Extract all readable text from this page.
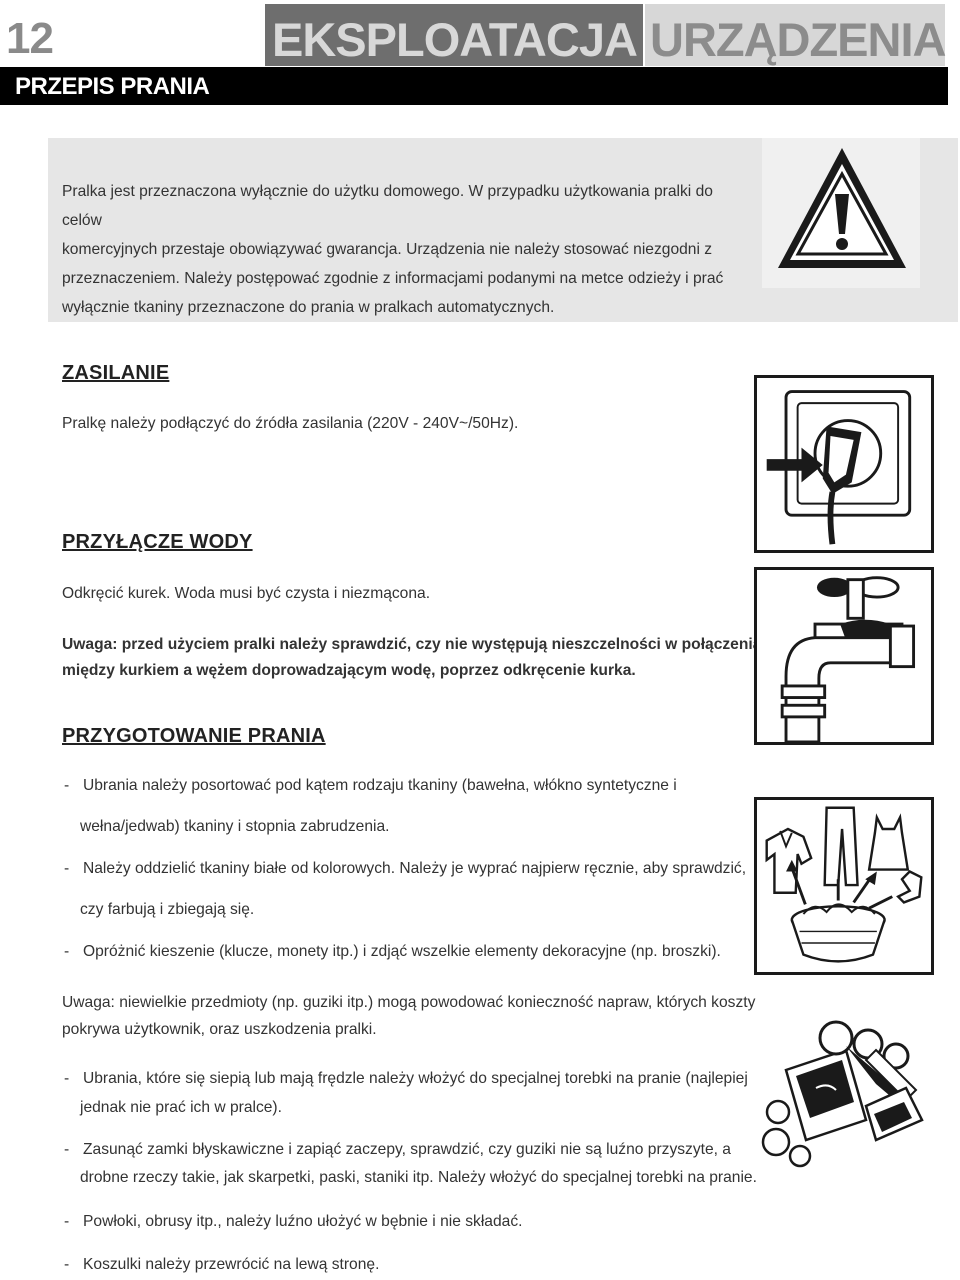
12	EKSPLOATACJA URZĄDZENIA
PRZEPIS PRANIA
Pralka jest przeznaczona wyłącznie do użytku domowego. W przypadku użytkowania pralki do celów
komercyjnych przestaje obowiązywać gwarancja. Urządzenia nie należy stosować niezgodni z
przeznaczeniem. Należy postępować zgodnie z informacjami podanymi na metce odzieży i prać
wyłącznie tkaniny przeznaczone do prania w pralkach automatycznych.
ZASILANIE
Pralkę należy podłączyć do źródła zasilania (220V - 240V~/50Hz).
PRZYŁĄCZE WODY
Odkręcić kurek. Woda musi być czysta i niezmącona.
Uwaga: przed użyciem pralki należy sprawdzić, czy nie występują nieszczelności w połączeniach
między kurkiem a wężem doprowadzającym wodę, poprzez odkręcenie kurka.
PRZYGOTOWANIE PRANIA
- Ubrania należy posortować pod kątem rodzaju tkaniny (bawełna, włókno syntetyczne i
wełna/jedwab) tkaniny i stopnia zabrudzenia.
- Należy oddzielić tkaniny białe od kolorowych. Należy je wyprać najpierw ręcznie, aby sprawdzić,
czy farbują i zbiegają się.
- Opróżnić kieszenie (klucze, monety itp.) i zdjąć wszelkie elementy dekoracyjne (np. broszki).
Uwaga: niewielkie przedmioty (np. guziki itp.) mogą powodować konieczność napraw, których koszty
pokrywa użytkownik, oraz uszkodzenia pralki.
- Ubrania, które się siepią lub mają frędzle należy włożyć do specjalnej torebki na pranie (najlepiej
jednak nie prać ich w pralce).
- Zasunąć zamki błyskawiczne i zapiąć zaczepy, sprawdzić, czy guziki nie są luźno przyszyte, a
drobne rzeczy takie, jak skarpetki, paski, staniki itp. Należy włożyć do specjalnej torebki na pranie.
- Powłoki, obrusy itp., należy luźno ułożyć w bębnie i nie składać.
- Koszulki należy przewrócić na lewą stronę.
